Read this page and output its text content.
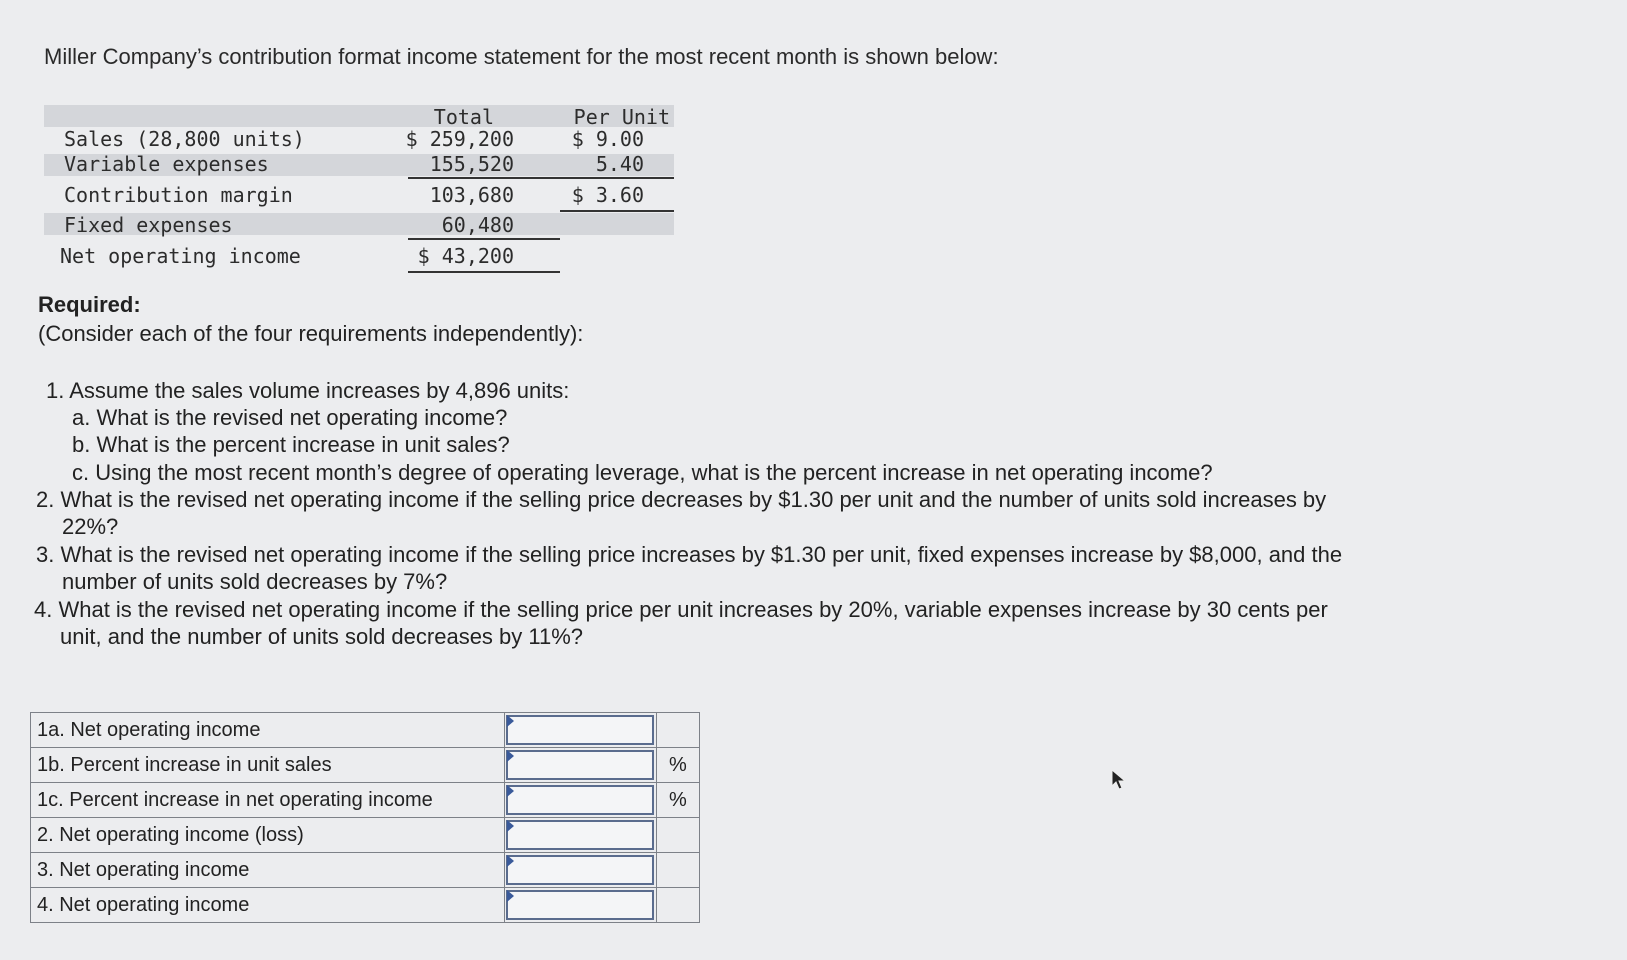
Miller Company’s contribution format income statement for the most recent month is shown below:
Total	Per Unit
Sales (28,800 units)	$ 259,200	$ 9.00
Variable expenses	155,520	5.40
Contribution margin	103,680	$ 3.60
Fixed expenses	60,480
Net operating income	$ 43,200
Required:
(Consider each of the four requirements independently):
1. Assume the sales volume increases by 4,896 units:
a. What is the revised net operating income?
b. What is the percent increase in unit sales?
c. Using the most recent month’s degree of operating leverage, what is the percent increase in net operating income?
2. What is the revised net operating income if the selling price decreases by $1.30 per unit and the number of units sold increases by
22%?
3. What is the revised net operating income if the selling price increases by $1.30 per unit, fixed expenses increase by $8,000, and the
number of units sold decreases by 7%?
4. What is the revised net operating income if the selling price per unit increases by 20%, variable expenses increase by 30 cents per
unit, and the number of units sold decreases by 11%?
1a. Net operating income	

1b. Percent increase in unit sales		%
1c. Percent increase in net operating income		%
2. Net operating income (loss)	

3. Net operating income	

4. Net operating income	
